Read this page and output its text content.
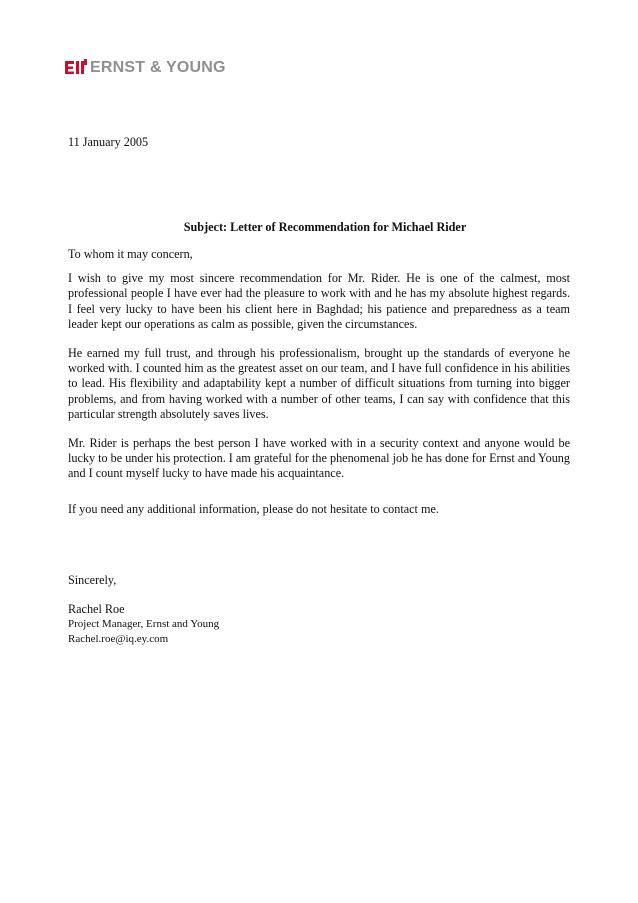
ERNST & YOUNG
11 January 2005
Subject: Letter of Recommendation for Michael Rider

To whom it may concern,

I wish to give my most sincere recommendation for Mr. Rider. He is one of the calmest, most professional people I have ever had the pleasure to work with and he has my absolute highest regards. I feel very lucky to have been his client here in Baghdad; his patience and preparedness as a team leader kept our operations as calm as possible, given the circumstances.

He earned my full trust, and through his professionalism, brought up the standards of everyone he worked with. I counted him as the greatest asset on our team, and I have full confidence in his abilities to lead. His flexibility and adaptability kept a number of difficult situations from turning into bigger problems, and from having worked with a number of other teams, I can say with confidence that this particular strength absolutely saves lives.

Mr. Rider is perhaps the best person I have worked with in a security context and anyone would be lucky to be under his protection. I am grateful for the phenomenal job he has done for Ernst and Young and I count myself lucky to have made his acquaintance.

If you need any additional information, please do not hesitate to contact me.

Sincerely,
Rachel Roe
Project Manager, Ernst and Young
Rachel.roe@iq.ey.com
